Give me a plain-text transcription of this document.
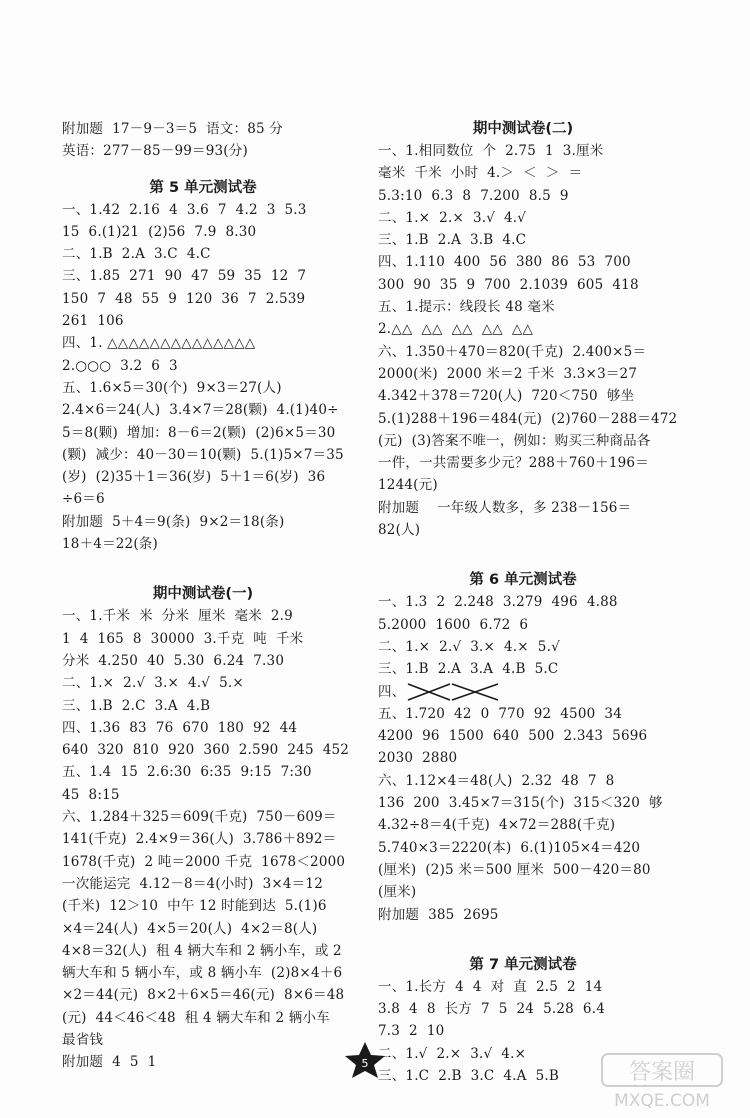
附加题  17－9－3＝5  语文：85 分
英语：277－85－99＝93(分)
第 5 单元测试卷
一、1.42  2.16  4  3.6  7  4.2  3  5.3
15  6.(1)21  (2)56  7.9  8.30
二、1.B  2.A  3.C  4.C
三、1.85  271  90  47  59  35  12  7
150  7  48  55  9  120  36  7  2.539
261  106
四、1. △△△△△△△△△△△△△△
2.○○○  3.2  6  3
五、1.6×5＝30(个)  9×3＝27(人)
2.4×6＝24(人)  3.4×7＝28(颗)  4.(1)40÷
5＝8(颗)  增加：8－6＝2(颗)  (2)6×5＝30
(颗)  减少：40－30＝10(颗)  5.(1)5×7＝35
(岁)  (2)35＋1＝36(岁)  5＋1＝6(岁)  36
÷6＝6
附加题  5＋4＝9(条)  9×2＝18(条)
18＋4＝22(条)
期中测试卷(一)
一、1.千米  米  分米  厘米  毫米  2.9
1  4  165  8  30000  3.千克  吨  千米
分米  4.250  40  5.30  6.24  7.30
二、1.×  2.√  3.×  4.√  5.×
三、1.B  2.C  3.A  4.B
四、1.36  83  76  670  180  92  44
640  320  810  920  360  2.590  245  452
五、1.4  15  2.6:30  6:35  9:15  7:30
45  8:15
六、1.284＋325＝609(千克)  750－609＝
141(千克)  2.4×9＝36(人)  3.786＋892＝
1678(千克)  2 吨＝2000 千克  1678＜2000
一次能运完  4.12－8＝4(小时)  3×4＝12
(千米)  12＞10  中午 12 时能到达  5.(1)6
×4＝24(人)  4×5＝20(人)  4×2＝8(人)
4×8＝32(人)  租 4 辆大车和 2 辆小车，或 2
辆大车和 5 辆小车，或 8 辆小车  (2)8×4＋6
×2＝44(元)  8×2＋6×5＝46(元)  8×6＝48
(元)  44＜46＜48  租 4 辆大车和 2 辆小车
最省钱
附加题  4  5  1
期中测试卷(二)
一、1.相同数位  个  2.75  1  3.厘米
毫米  千米  小时  4.＞  ＜  ＞  ＝
5.3:10  6.3  8  7.200  8.5  9
二、1.×  2.×  3.√  4.√
三、1.B  2.A  3.B  4.C
四、1.110  400  56  380  86  53  700
300  90  35  9  700  2.1039  605  418
五、1.提示：线段长 48 毫米
2.△△  △△  △△  △△  △△
六、1.350＋470＝820(千克)  2.400×5＝
2000(米)  2000 米＝2 千米  3.3×3＝27
4.342＋378＝720(人)  720＜750  够坐
5.(1)288＋196＝484(元)  (2)760－288＝472
(元)  (3)答案不唯一，例如：购买三种商品各
一件，一共需要多少元？288＋760＋196＝
1244(元)
附加题    一年级人数多，多 238－156＝
82(人)
第 6 单元测试卷
一、1.3  2  2.248  3.279  496  4.88
5.2000  1600  6.72  6
二、1.×  2.√  3.×  4.×  5.√
三、1.B  2.A  3.A  4.B  5.C
四、
五、1.720  42  0  770  92  4500  34
4200  96  1500  640  500  2.343  5696
2030  2880
六、1.12×4＝48(人)  2.32  48  7  8
136  200  3.45×7＝315(个)  315＜320  够
4.32÷8＝4(千克)  4×72＝288(千克)
5.740×3＝2220(本)  6.(1)105×4＝420
(厘米)  (2)5 米＝500 厘米  500－420＝80
(厘米)
附加题  385  2695
第 7 单元测试卷
一、1.长方  4  4  对  直  2.5  2  14
3.8  4  8  长方  7  5  24  5.28  6.4
7.3  2  10
二、1.√  2.×  3.√  4.×
三、1.C  2.B  3.C  4.A  5.B
5	答案圈
MXQE.COM
